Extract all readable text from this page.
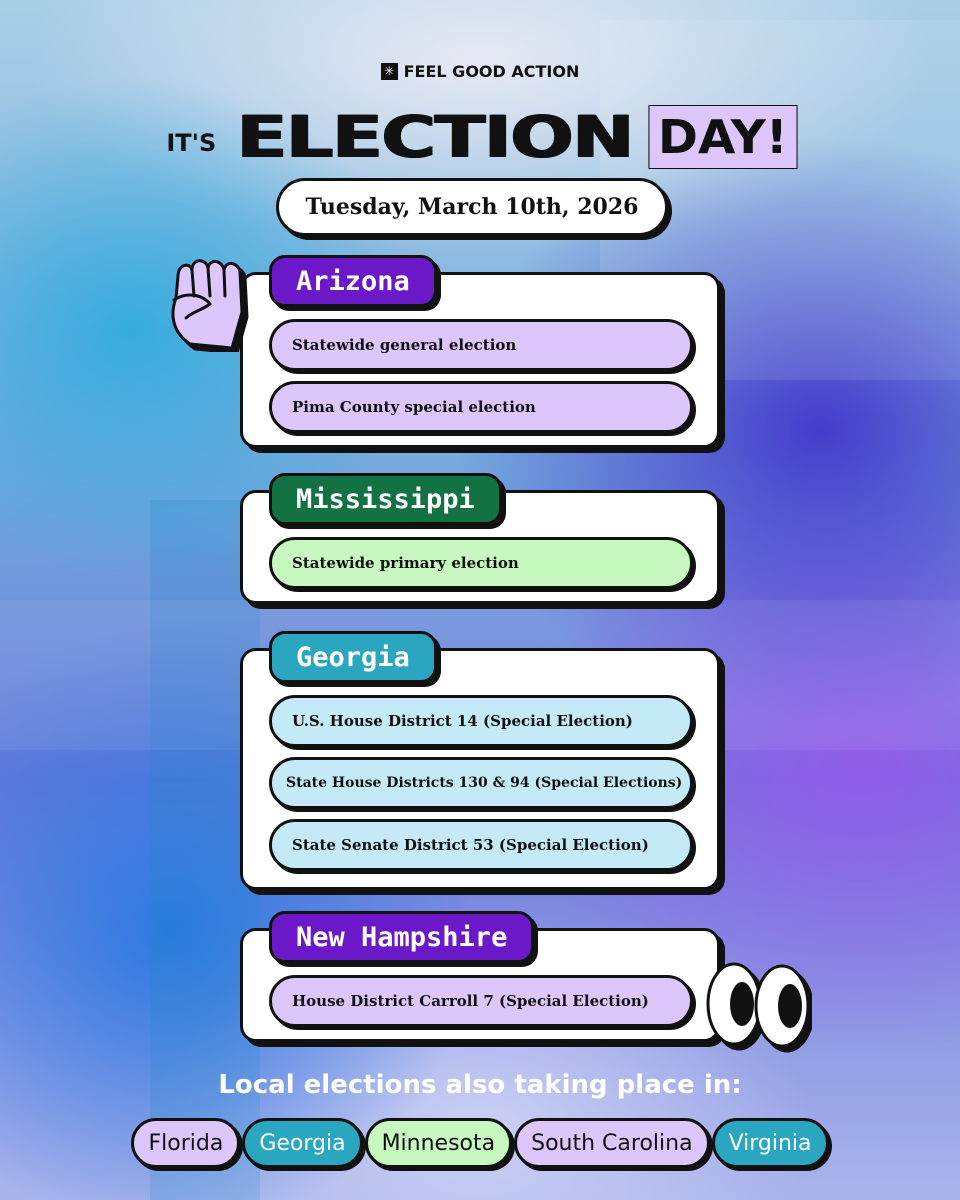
✳ FEEL GOOD ACTION
IT'S ELECTION DAY!
Tuesday, March 10th, 2026
Arizona
Statewide general election
Pima County special election
Mississippi
Statewide primary election
Georgia
U.S. House District 14 (Special Election)
State House Districts 130 & 94 (Special Elections)
State Senate District 53 (Special Election)
New Hampshire
House District Carroll 7 (Special Election)
Local elections also taking place in:
Florida	Georgia	Minnesota	South Carolina	Virginia
